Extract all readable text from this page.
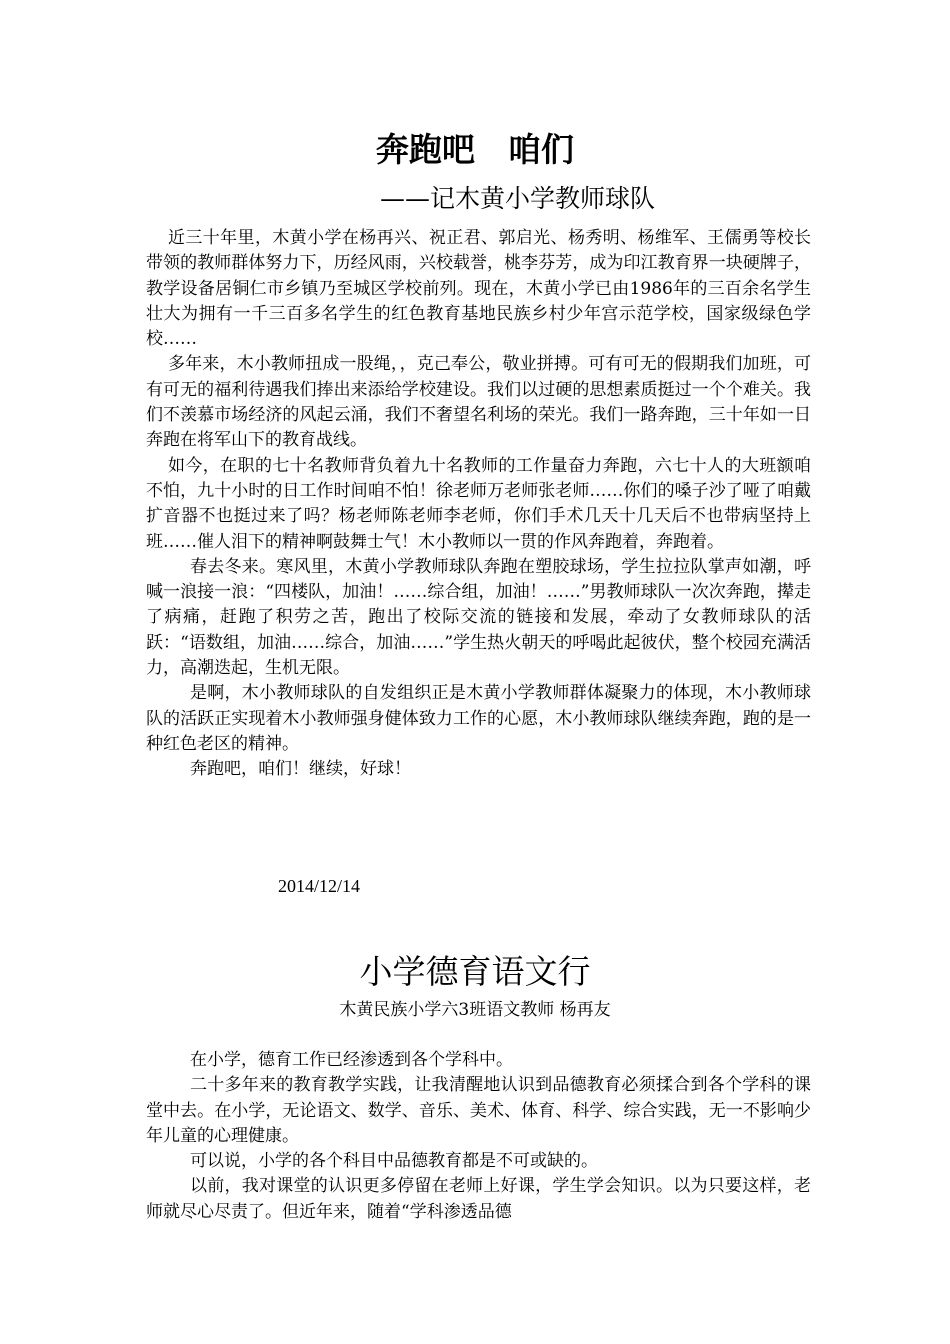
奔跑吧　咱们
——记木黄小学教师球队

近三十年里，木黄小学在杨再兴、祝正君、郭启光、杨秀明、杨维军、王儒勇等校长带领的教师群体努力下，历经风雨，兴校载誉，桃李芬芳，成为印江教育界一块硬牌子，教学设备居铜仁市乡镇乃至城区学校前列。现在，木黄小学已由1986年的三百余名学生壮大为拥有一千三百多名学生的红色教育基地民族乡村少年宫示范学校，国家级绿色学校……

多年来，木小教师扭成一股绳，，克己奉公，敬业拼搏。可有可无的假期我们加班，可有可无的福利待遇我们捧出来添给学校建设。我们以过硬的思想素质挺过一个个难关。我们不羡慕市场经济的风起云涌，我们不奢望名利场的荣光。我们一路奔跑，三十年如一日奔跑在将军山下的教育战线。

如今，在职的七十名教师背负着九十名教师的工作量奋力奔跑，六七十人的大班额咱不怕，九十小时的日工作时间咱不怕！徐老师万老师张老师……你们的嗓子沙了哑了咱戴扩音器不也挺过来了吗？杨老师陈老师李老师，你们手术几天十几天后不也带病坚持上班……催人泪下的精神啊鼓舞士气！木小教师以一贯的作风奔跑着，奔跑着。

春去冬来。寒风里，木黄小学教师球队奔跑在塑胶球场，学生拉拉队掌声如潮，呼喊一浪接一浪：“四楼队，加油！……综合组，加油！……”男教师球队一次次奔跑，撵走了病痛，赶跑了积劳之苦，跑出了校际交流的链接和发展，牵动了女教师球队的活跃：“语数组，加油……综合，加油……”学生热火朝天的呼喝此起彼伏，整个校园充满活力，高潮迭起，生机无限。

是啊，木小教师球队的自发组织正是木黄小学教师群体凝聚力的体现，木小教师球队的活跃正实现着木小教师强身健体致力工作的心愿，木小教师球队继续奔跑，跑的是一种红色老区的精神。

奔跑吧，咱们！继续，好球！

2014/12/14
小学德育语文行
木黄民族小学六3班语文教师 杨再友

在小学，德育工作已经渗透到各个学科中。

二十多年来的教育教学实践，让我清醒地认识到品德教育必须揉合到各个学科的课堂中去。在小学，无论语文、数学、音乐、美术、体育、科学、综合实践，无一不影响少年儿童的心理健康。

可以说，小学的各个科目中品德教育都是不可或缺的。

以前，我对课堂的认识更多停留在老师上好课，学生学会知识。以为只要这样，老师就尽心尽责了。但近年来，随着“学科渗透品德
